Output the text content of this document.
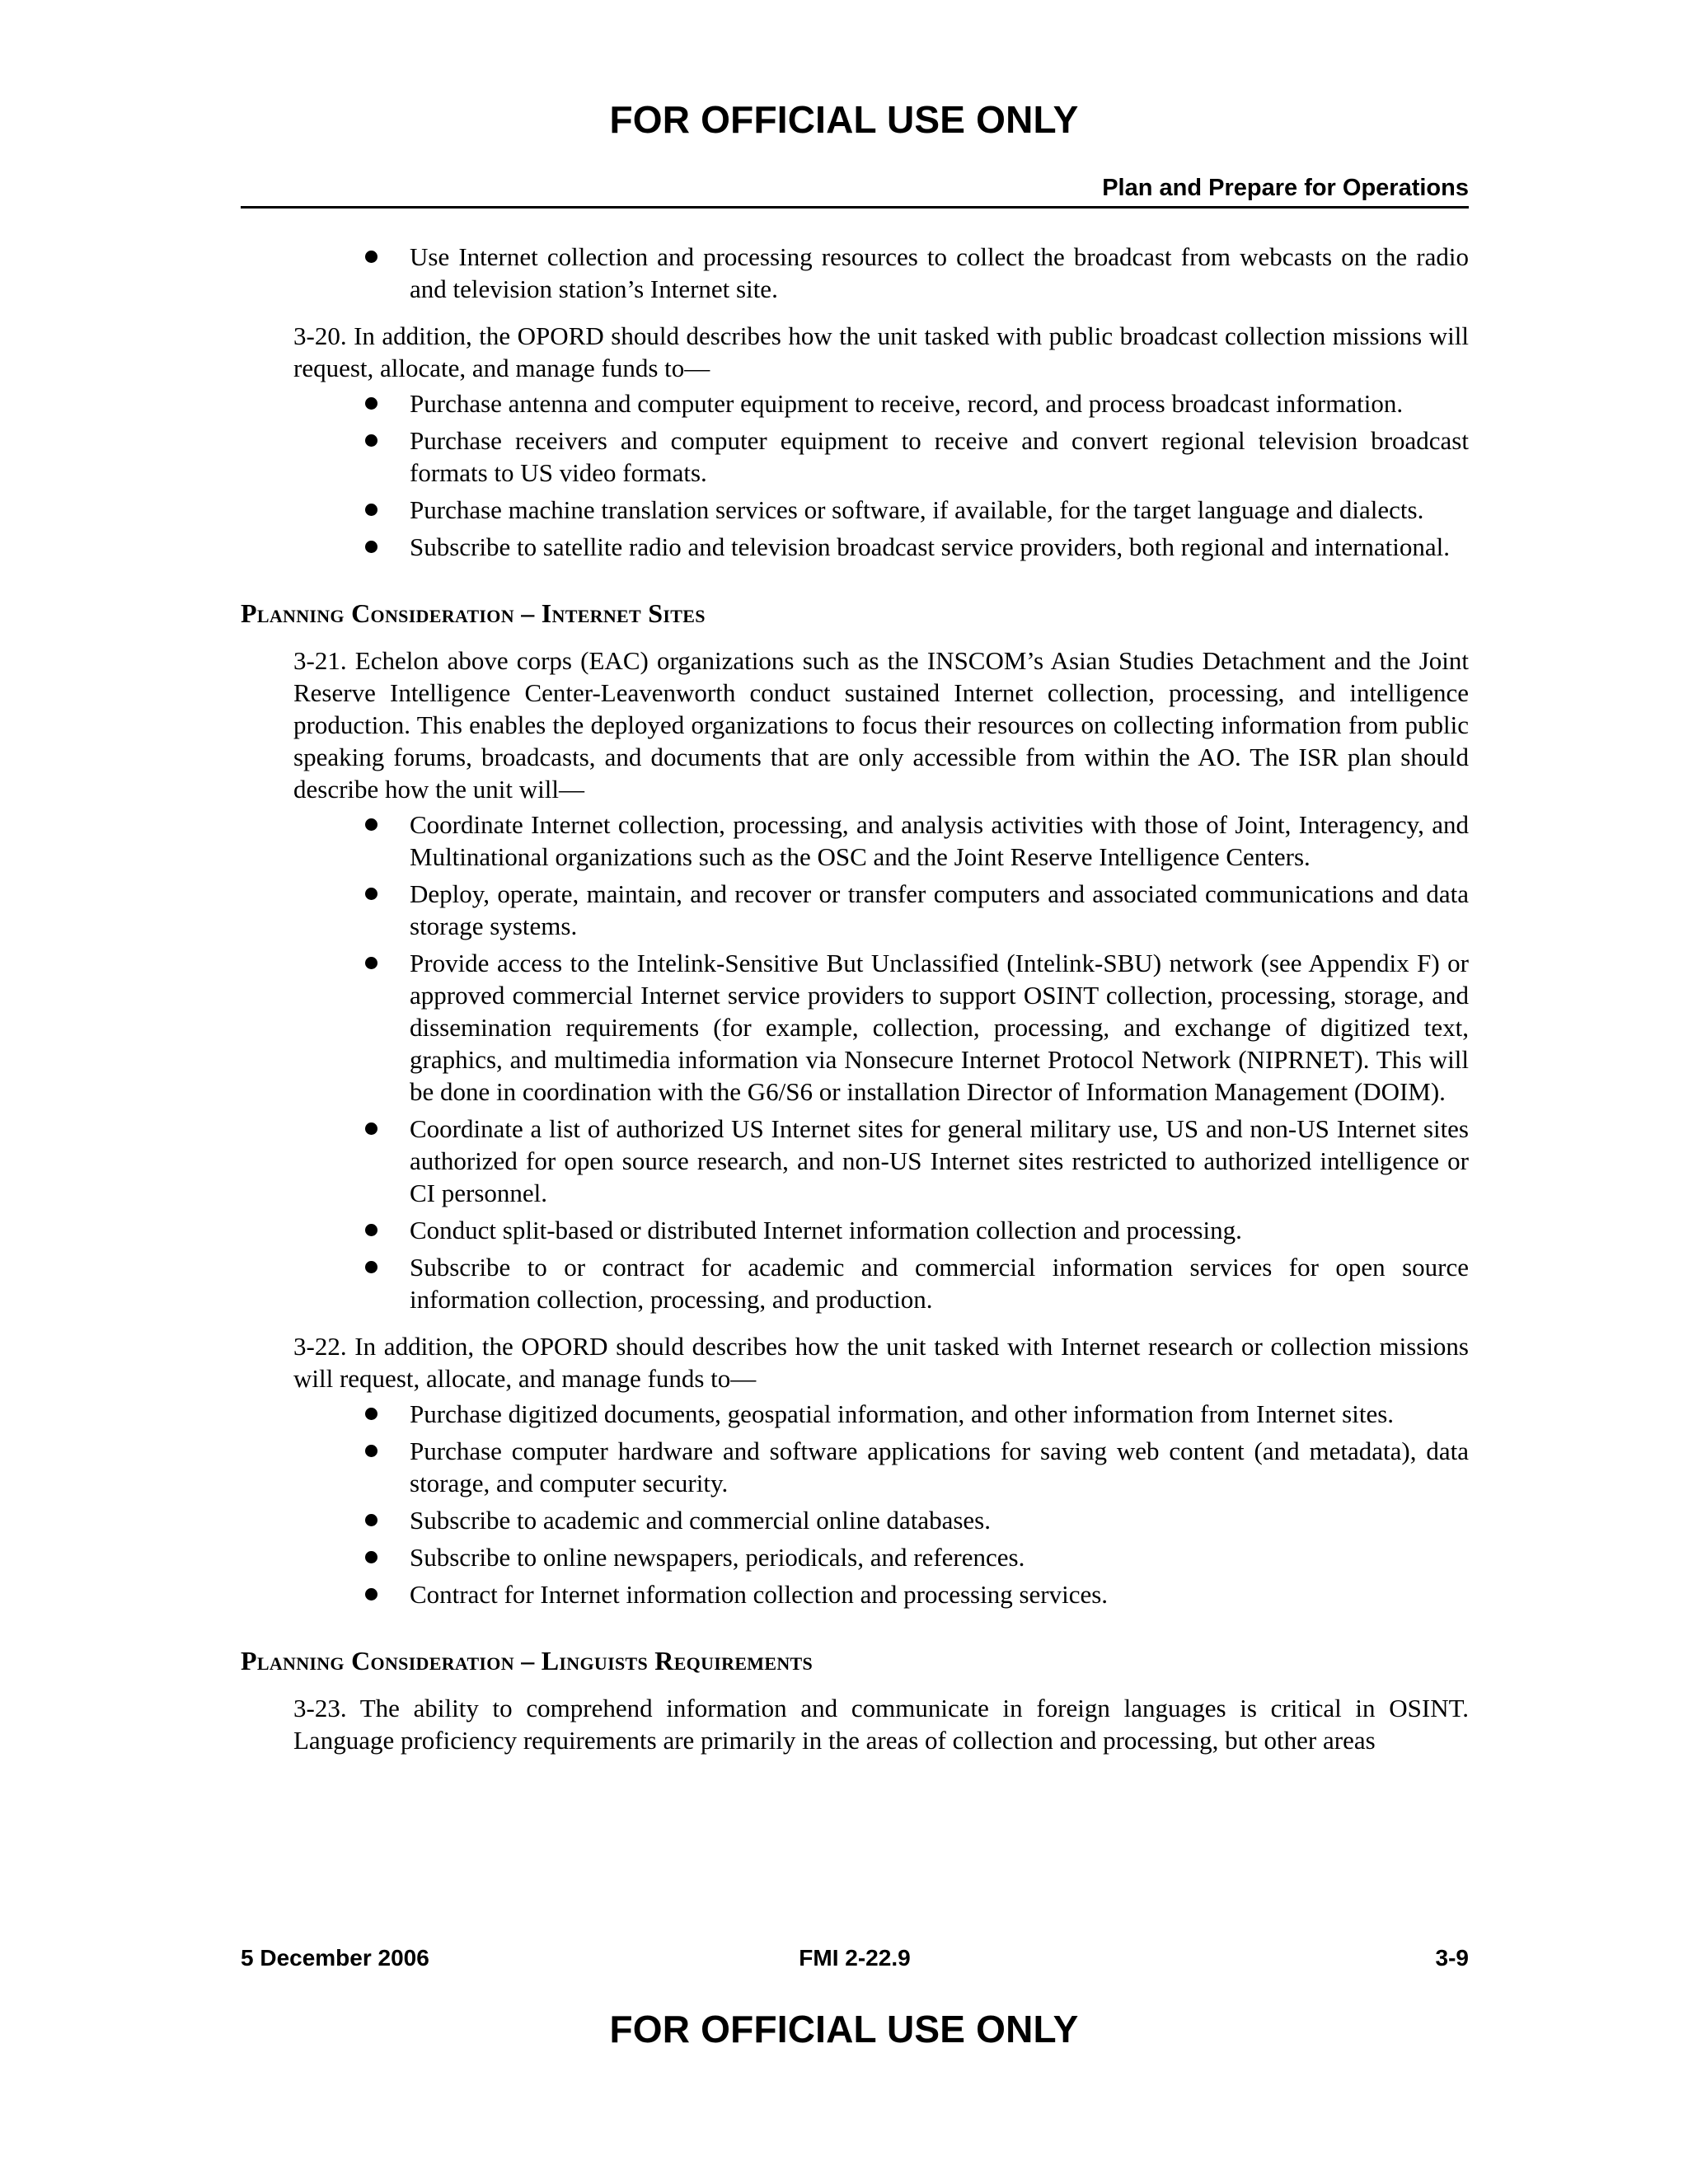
FOR OFFICIAL USE ONLY
Plan and Prepare for Operations
Use Internet collection and processing resources to collect the broadcast from webcasts on the radio and television station’s Internet site.

3-20. In addition, the OPORD should describes how the unit tasked with public broadcast collection missions will request, allocate, and manage funds to—

Purchase antenna and computer equipment to receive, record, and process broadcast information.
Purchase receivers and computer equipment to receive and convert regional television broadcast formats to US video formats.
Purchase machine translation services or software, if available, for the target language and dialects.
Subscribe to satellite radio and television broadcast service providers, both regional and international.
Planning Consideration – Internet Sites

3-21. Echelon above corps (EAC) organizations such as the INSCOM’s Asian Studies Detachment and the Joint Reserve Intelligence Center-Leavenworth conduct sustained Internet collection, processing, and intelligence production. This enables the deployed organizations to focus their resources on collecting information from public speaking forums, broadcasts, and documents that are only accessible from within the AO. The ISR plan should describe how the unit will—

Coordinate Internet collection, processing, and analysis activities with those of Joint, Interagency, and Multinational organizations such as the OSC and the Joint Reserve Intelligence Centers.
Deploy, operate, maintain, and recover or transfer computers and associated communications and data storage systems.
Provide access to the Intelink-Sensitive But Unclassified (Intelink-SBU) network (see Appendix F) or approved commercial Internet service providers to support OSINT collection, processing, storage, and dissemination requirements (for example, collection, processing, and exchange of digitized text, graphics, and multimedia information via Nonsecure Internet Protocol Network (NIPRNET). This will be done in coordination with the G6/S6 or installation Director of Information Management (DOIM).
Coordinate a list of authorized US Internet sites for general military use, US and non-US Internet sites authorized for open source research, and non-US Internet sites restricted to authorized intelligence or CI personnel.
Conduct split-based or distributed Internet information collection and processing.
Subscribe to or contract for academic and commercial information services for open source information collection, processing, and production.

3-22. In addition, the OPORD should describes how the unit tasked with Internet research or collection missions will request, allocate, and manage funds to—

Purchase digitized documents, geospatial information, and other information from Internet sites.
Purchase computer hardware and software applications for saving web content (and metadata), data storage, and computer security.
Subscribe to academic and commercial online databases.
Subscribe to online newspapers, periodicals, and references.
Contract for Internet information collection and processing services.
Planning Consideration – Linguists Requirements

3-23. The ability to comprehend information and communicate in foreign languages is critical in OSINT. Language proficiency requirements are primarily in the areas of collection and processing, but other areas

5 December 2006	FMI 2-22.9	3-9
FOR OFFICIAL USE ONLY
